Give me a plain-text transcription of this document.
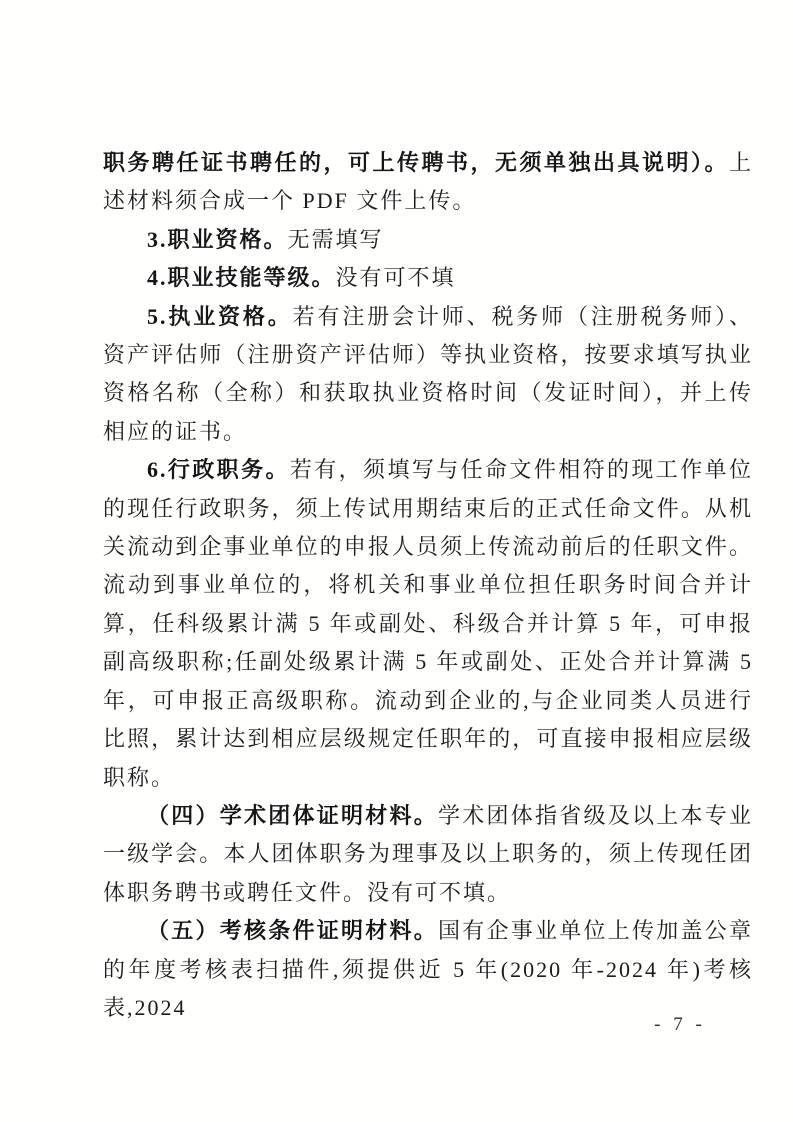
职务聘任证书聘任的，可上传聘书，无须单独出具说明）。上述材料须合成一个 PDF 文件上传。

3.职业资格。无需填写

4.职业技能等级。没有可不填

5.执业资格。若有注册会计师、税务师（注册税务师）、资产评估师（注册资产评估师）等执业资格，按要求填写执业资格名称（全称）和获取执业资格时间（发证时间），并上传相应的证书。

6.行政职务。若有，须填写与任命文件相符的现工作单位的现任行政职务，须上传试用期结束后的正式任命文件。从机关流动到企事业单位的申报人员须上传流动前后的任职文件。流动到事业单位的，将机关和事业单位担任职务时间合并计算，任科级累计满 5 年或副处、科级合并计算 5 年，可申报副高级职称;任副处级累计满 5 年或副处、正处合并计算满 5 年，可申报正高级职称。流动到企业的,与企业同类人员进行比照，累计达到相应层级规定任职年的，可直接申报相应层级职称。

（四）学术团体证明材料。学术团体指省级及以上本专业一级学会。本人团体职务为理事及以上职务的，须上传现任团体职务聘书或聘任文件。没有可不填。

（五）考核条件证明材料。国有企事业单位上传加盖公章的年度考核表扫描件,须提供近 5 年(2020 年-2024 年)考核表,2024

- 7 -
